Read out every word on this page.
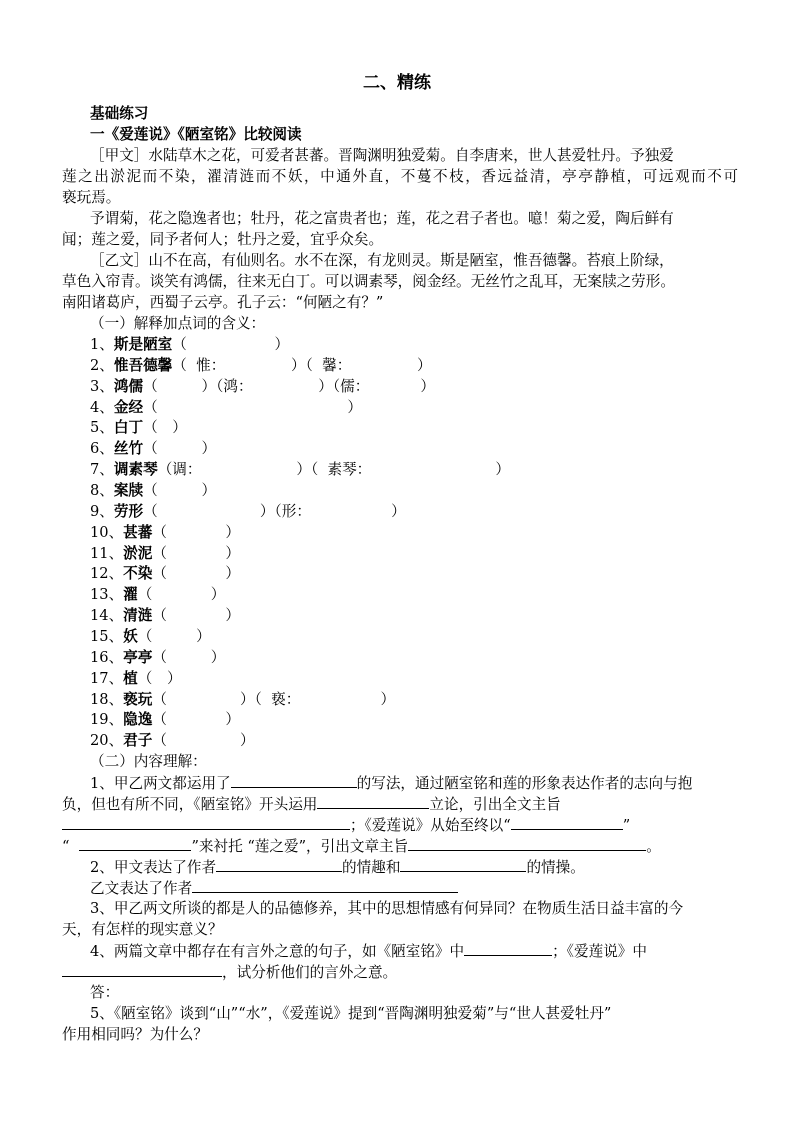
二、精练
基础练习
一《爱莲说》《陋室铭》比较阅读
［甲文］水陆草木之花，可爱者甚蕃。晋陶渊明独爱菊。自李唐来，世人甚爱牡丹。予独爱
莲之出淤泥而不染，濯清涟而不妖，中通外直，不蔓不枝，香远益清，亭亭静植，可远观而不可
亵玩焉。
予谓菊，花之隐逸者也；牡丹，花之富贵者也；莲，花之君子者也。噫！菊之爱，陶后鲜有
闻；莲之爱，同予者何人；牡丹之爱，宜乎众矣。
［乙文］山不在高，有仙则名。水不在深，有龙则灵。斯是陋室，惟吾德馨。苔痕上阶绿，
草色入帘青。谈笑有鸿儒，往来无白丁。可以调素琴，阅金经。无丝竹之乱耳，无案牍之劳形。
南阳诸葛庐，西蜀子云亭。孔子云：“何陋之有？”
（一）解释加点词的含义：
1、 斯是陋室 （　　　　　　）
2、 惟吾德馨 （  惟：　　　　　）（  馨：　　　　　）
3、 鸿儒 （　　　）（鸿：　　　　　）（儒：　　　　）
4、 金经 （　　　　　　　　　　　　　）
5、 白丁 （　）
6、 丝竹 （　　　）
7、 调素琴 （调：　　　　　　　）（  素琴：　　　　　　　　　）
8、 案牍 （　　　）
9、 劳形 （　　　　　　　）（形：　　　　　　）
10、 甚蕃 （　　　　）
11、 淤泥 （　　　　）
12、 不染 （　　　　）
13、 濯 （　　　　）
14、 清涟 （　　　　）
15、 妖 （　　　）
16、 亭亭 （　　　）
17、 植 （　）
18、 亵玩 （　　　　　）（  亵：　　　　　　）
19、 隐逸 （　　　　）
20、 君子 （　　　　　）
（二）内容理解：
1、甲乙两文都运用了	的写法，通过陋室铭和莲的形象表达作者的志向与抱
负，但也有所不同，《陋室铭》开头运用	立论，引出全文主旨
；《爱莲说》从始至终以“	”
“	”来衬托 “莲之爱”，引出文章主旨	。
2、甲文表达了作者	的情趣和	的情操。
乙文表达了作者
3、甲乙两文所谈的都是人的品德修养，其中的思想情感有何异同？在物质生活日益丰富的今
天，有怎样的现实意义？
4、两篇文章中都存在有言外之意的句子，如《陋室铭》中	；《爱莲说》中
，试分析他们的言外之意。
答：
5、《陋室铭》谈到“山”“水”，《爱莲说》提到“晋陶渊明独爱菊”与“世人甚爱牡丹”
作用相同吗？为什么？
